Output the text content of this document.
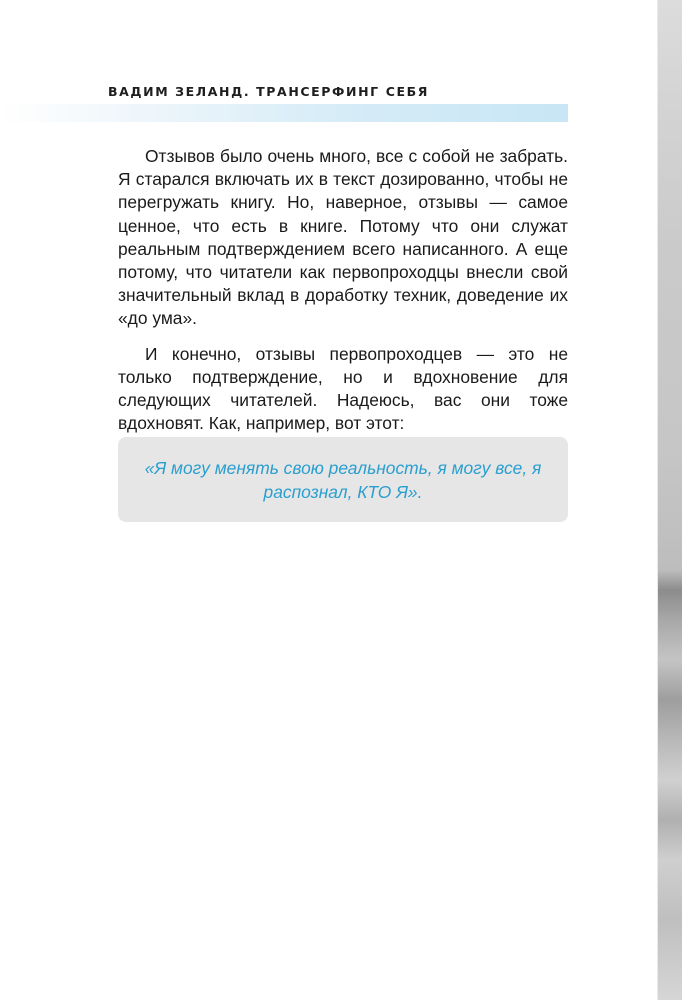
ВАДИМ ЗЕЛАНД. ТРАНСЕРФИНГ СЕБЯ

Отзывов было очень много, все с собой не забрать. Я старался включать их в текст дозированно, чтобы не перегружать книгу. Но, наверное, отзывы — самое ценное, что есть в книге. Потому что они служат реальным подтверждением всего написанного. А еще потому, что читатели как первопроходцы внесли свой значительный вклад в доработку техник, доведение их «до ума».

И конечно, отзывы первопроходцев — это не только подтверждение, но и вдохновение для следующих читателей. Надеюсь, вас они тоже вдохновят. Как, например, вот этот:

«Я могу менять свою реальность, я могу все, я распознал, КТО Я».
